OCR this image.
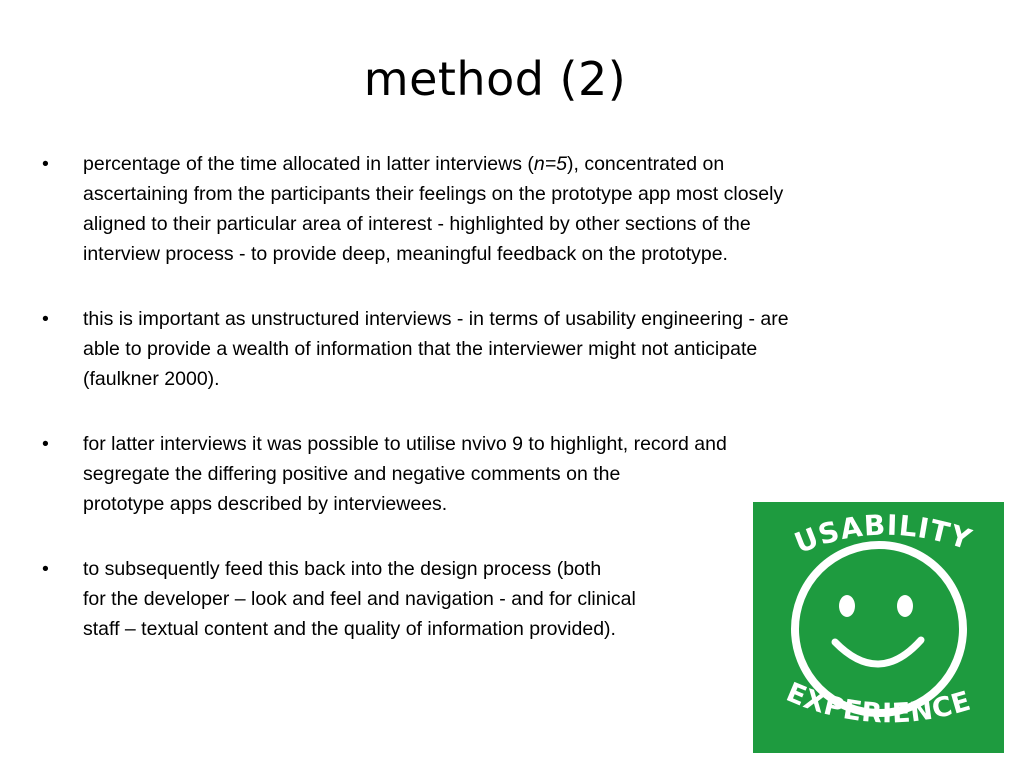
method (2)
• percentage of the time allocated in latter interviews (n=5), concentrated on
ascertaining from the participants their feelings on the prototype app most closely
aligned to their particular area of interest - highlighted by other sections of the
interview process - to provide deep, meaningful feedback on the prototype.
• this is important as unstructured interviews - in terms of usability engineering - are
able to provide a wealth of information that the interviewer might not anticipate
(faulkner 2000).
• for latter interviews it was possible to utilise nvivo 9 to highlight, record and
segregate the differing positive and negative comments on the
prototype apps described by interviewees.
• to subsequently feed this back into the design process (both
for the developer – look and feel and navigation - and for clinical
staff – textual content and the quality of information provided).
USABILITY
EXPERIENCE
